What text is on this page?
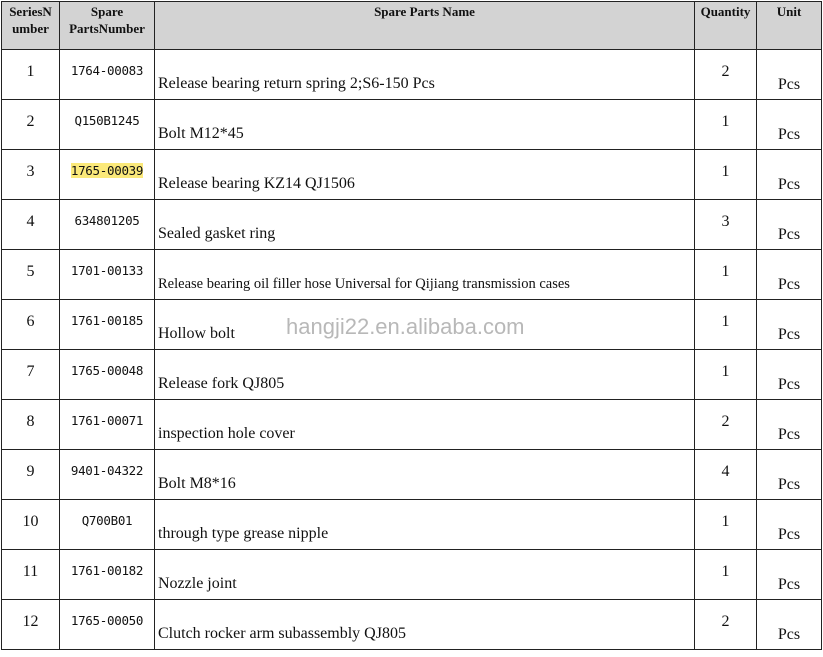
SeriesN umber	Spare PartsNumber	Spare Parts Name	Quantity	Unit
1	1764-00083	Release bearing return spring 2;S6-150 Pcs	2	Pcs
2	Q150B1245	Bolt M12*45	1	Pcs
3	1765-00039	Release bearing KZ14 QJ1506	1	Pcs
4	634801205	Sealed gasket ring	3	Pcs
5	1701-00133	Release bearing oil filler hose Universal for Qijiang transmission cases	1	Pcs
6	1761-00185	Hollow bolt	1	Pcs
7	1765-00048	Release fork QJ805	1	Pcs
8	1761-00071	inspection hole cover	2	Pcs
9	9401-04322	Bolt M8*16	4	Pcs
10	Q700B01	through type grease nipple	1	Pcs
11	1761-00182	Nozzle joint	1	Pcs
12	1765-00050	Clutch rocker arm subassembly QJ805	2	Pcs
hangji22.en.alibaba.com
